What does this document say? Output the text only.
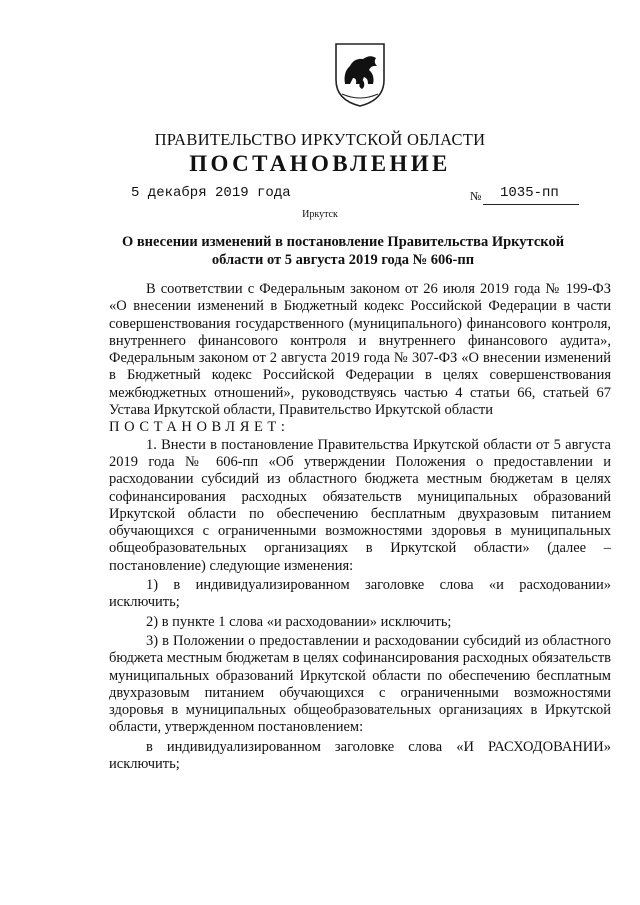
ПРАВИТЕЛЬСТВО ИРКУТСКОЙ ОБЛАСТИ
ПОСТАНОВЛЕНИЕ
5 декабря 2019 года	№ 1035-пп
Иркутск
О внесении изменений в постановление Правительства Иркутской области от 5 августа 2019 года № 606-пп

В соответствии с Федеральным законом от 26 июля 2019 года № 199-ФЗ «О внесении изменений в Бюджетный кодекс Российской Федерации в части совершенствования государственного (муниципального) финансового контроля, внутреннего финансового контроля и внутреннего финансового аудита», Федеральным законом от 2 августа 2019 года № 307-ФЗ «О внесении изменений в Бюджетный кодекс Российской Федерации в целях совершенствования межбюджетных отношений», руководствуясь частью 4 статьи 66, статьей 67 Устава Иркутской области, Правительство Иркутской области

ПОСТАНОВЛЯЕТ:

1. Внести в постановление Правительства Иркутской области от 5 августа 2019 года № 606-пп «Об утверждении Положения о предоставлении и расходовании субсидий из областного бюджета местным бюджетам в целях софинансирования расходных обязательств муниципальных образований Иркутской области по обеспечению бесплатным двухразовым питанием обучающихся с ограниченными возможностями здоровья в муниципальных общеобразовательных организациях в Иркутской области» (далее – постановление) следующие изменения:

1) в индивидуализированном заголовке слова «и расходовании» исключить;

2) в пункте 1 слова «и расходовании» исключить;

3) в Положении о предоставлении и расходовании субсидий из областного бюджета местным бюджетам в целях софинансирования расходных обязательств муниципальных образований Иркутской области по обеспечению бесплатным двухразовым питанием обучающихся с ограниченными возможностями здоровья в муниципальных общеобразовательных организациях в Иркутской области, утвержденном постановлением:

в индивидуализированном заголовке слова «И РАСХОДОВАНИИ» исключить;
